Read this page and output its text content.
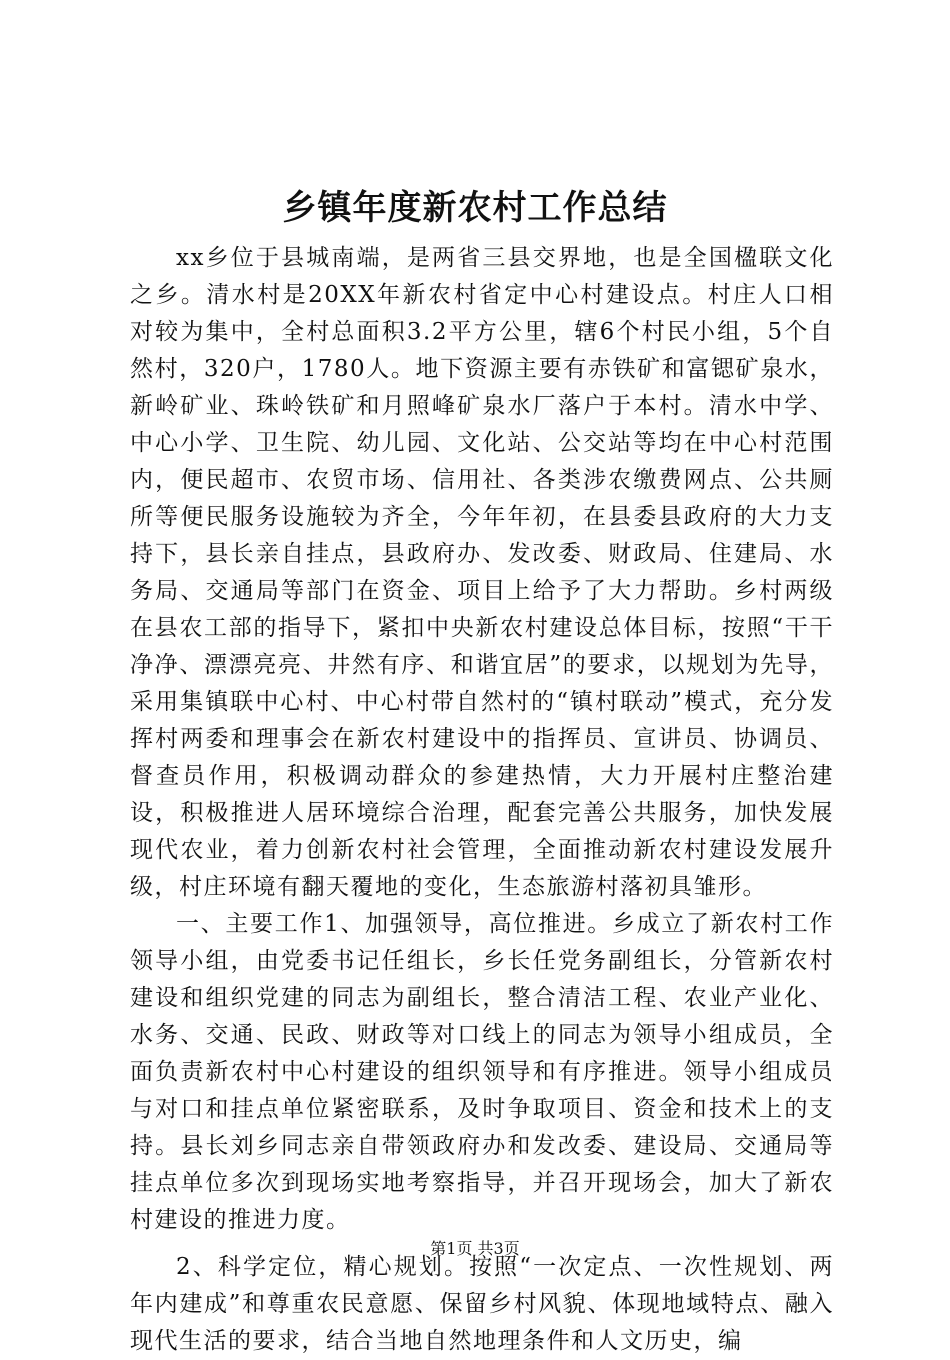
乡镇年度新农村工作总结

xx乡位于县城南端，是两省三县交界地，也是全国楹联文化之乡。清水村是20XX年新农村省定中心村建设点。村庄人口相对较为集中，全村总面积3.2平方公里，辖6个村民小组，5个自然村，320户，1780人。地下资源主要有赤铁矿和富锶矿泉水，新岭矿业、珠岭铁矿和月照峰矿泉水厂落户于本村。清水中学、中心小学、卫生院、幼儿园、文化站、公交站等均在中心村范围内，便民超市、农贸市场、信用社、各类涉农缴费网点、公共厕所等便民服务设施较为齐全，今年年初，在县委县政府的大力支持下，县长亲自挂点，县政府办、发改委、财政局、住建局、水务局、交通局等部门在资金、项目上给予了大力帮助。乡村两级在县农工部的指导下，紧扣中央新农村建设总体目标，按照“干干净净、漂漂亮亮、井然有序、和谐宜居”的要求，以规划为先导，采用集镇联中心村、中心村带自然村的“镇村联动”模式，充分发挥村两委和理事会在新农村建设中的指挥员、宣讲员、协调员、督查员作用，积极调动群众的参建热情，大力开展村庄整治建设，积极推进人居环境综合治理，配套完善公共服务，加快发展现代农业，着力创新农村社会管理，全面推动新农村建设发展升级，村庄环境有翻天覆地的变化，生态旅游村落初具雏形。

一、主要工作1、加强领导，高位推进。乡成立了新农村工作领导小组，由党委书记任组长，乡长任党务副组长，分管新农村建设和组织党建的同志为副组长，整合清洁工程、农业产业化、水务、交通、民政、财政等对口线上的同志为领导小组成员，全面负责新农村中心村建设的组织领导和有序推进。领导小组成员与对口和挂点单位紧密联系，及时争取项目、资金和技术上的支持。县长刘乡同志亲自带领政府办和发改委、建设局、交通局等挂点单位多次到现场实地考察指导，并召开现场会，加大了新农村建设的推进力度。

2、科学定位，精心规划。按照“一次定点、一次性规划、两年内建成”和尊重农民意愿、保留乡村风貌、体现地域特点、融入现代生活的要求，结合当地自然地理条件和人文历史，编

第1页 共3页
